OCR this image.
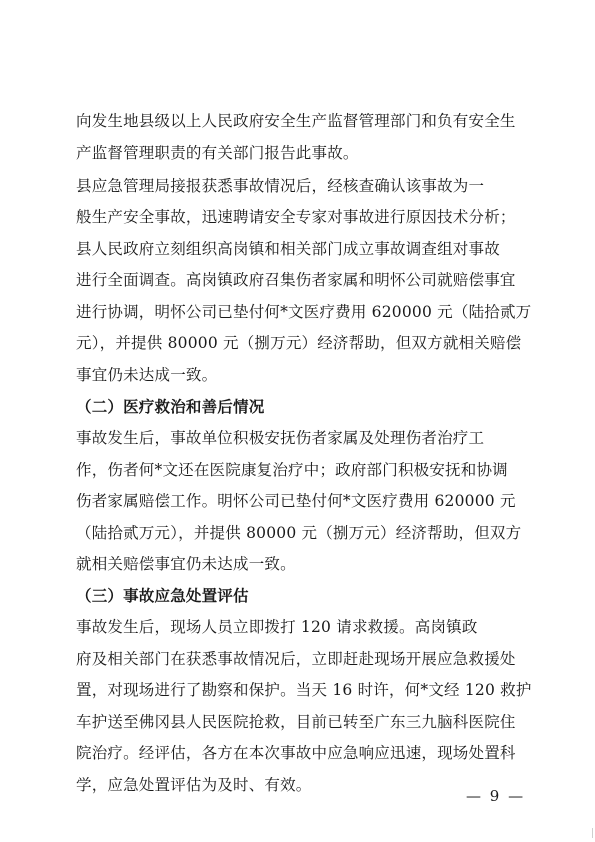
向发生地县级以上人民政府安全生产监督管理部门和负有安全生
产监督管理职责的有关部门报告此事故。
县应急管理局接报获悉事故情况后，经核查确认该事故为一
般生产安全事故，迅速聘请安全专家对事故进行原因技术分析；
县人民政府立刻组织高岗镇和相关部门成立事故调查组对事故
进行全面调查。高岗镇政府召集伤者家属和明怀公司就赔偿事宜
进行协调，明怀公司已垫付何*文医疗费用 620000 元（陆拾贰万
元），并提供 80000 元（捌万元）经济帮助，但双方就相关赔偿
事宜仍未达成一致。
（二）医疗救治和善后情况
事故发生后，事故单位积极安抚伤者家属及处理伤者治疗工
作，伤者何*文还在医院康复治疗中；政府部门积极安抚和协调
伤者家属赔偿工作。明怀公司已垫付何*文医疗费用 620000 元
（陆拾贰万元），并提供 80000 元（捌万元）经济帮助，但双方
就相关赔偿事宜仍未达成一致。
（三）事故应急处置评估
事故发生后，现场人员立即拨打 120 请求救援。高岗镇政
府及相关部门在获悉事故情况后，立即赶赴现场开展应急救援处
置，对现场进行了勘察和保护。当天 16 时许，何*文经 120 救护
车护送至佛冈县人民医院抢救，目前已转至广东三九脑科医院住
院治疗。经评估，各方在本次事故中应急响应迅速，现场处置科
学，应急处置评估为及时、有效。
— 9 —
